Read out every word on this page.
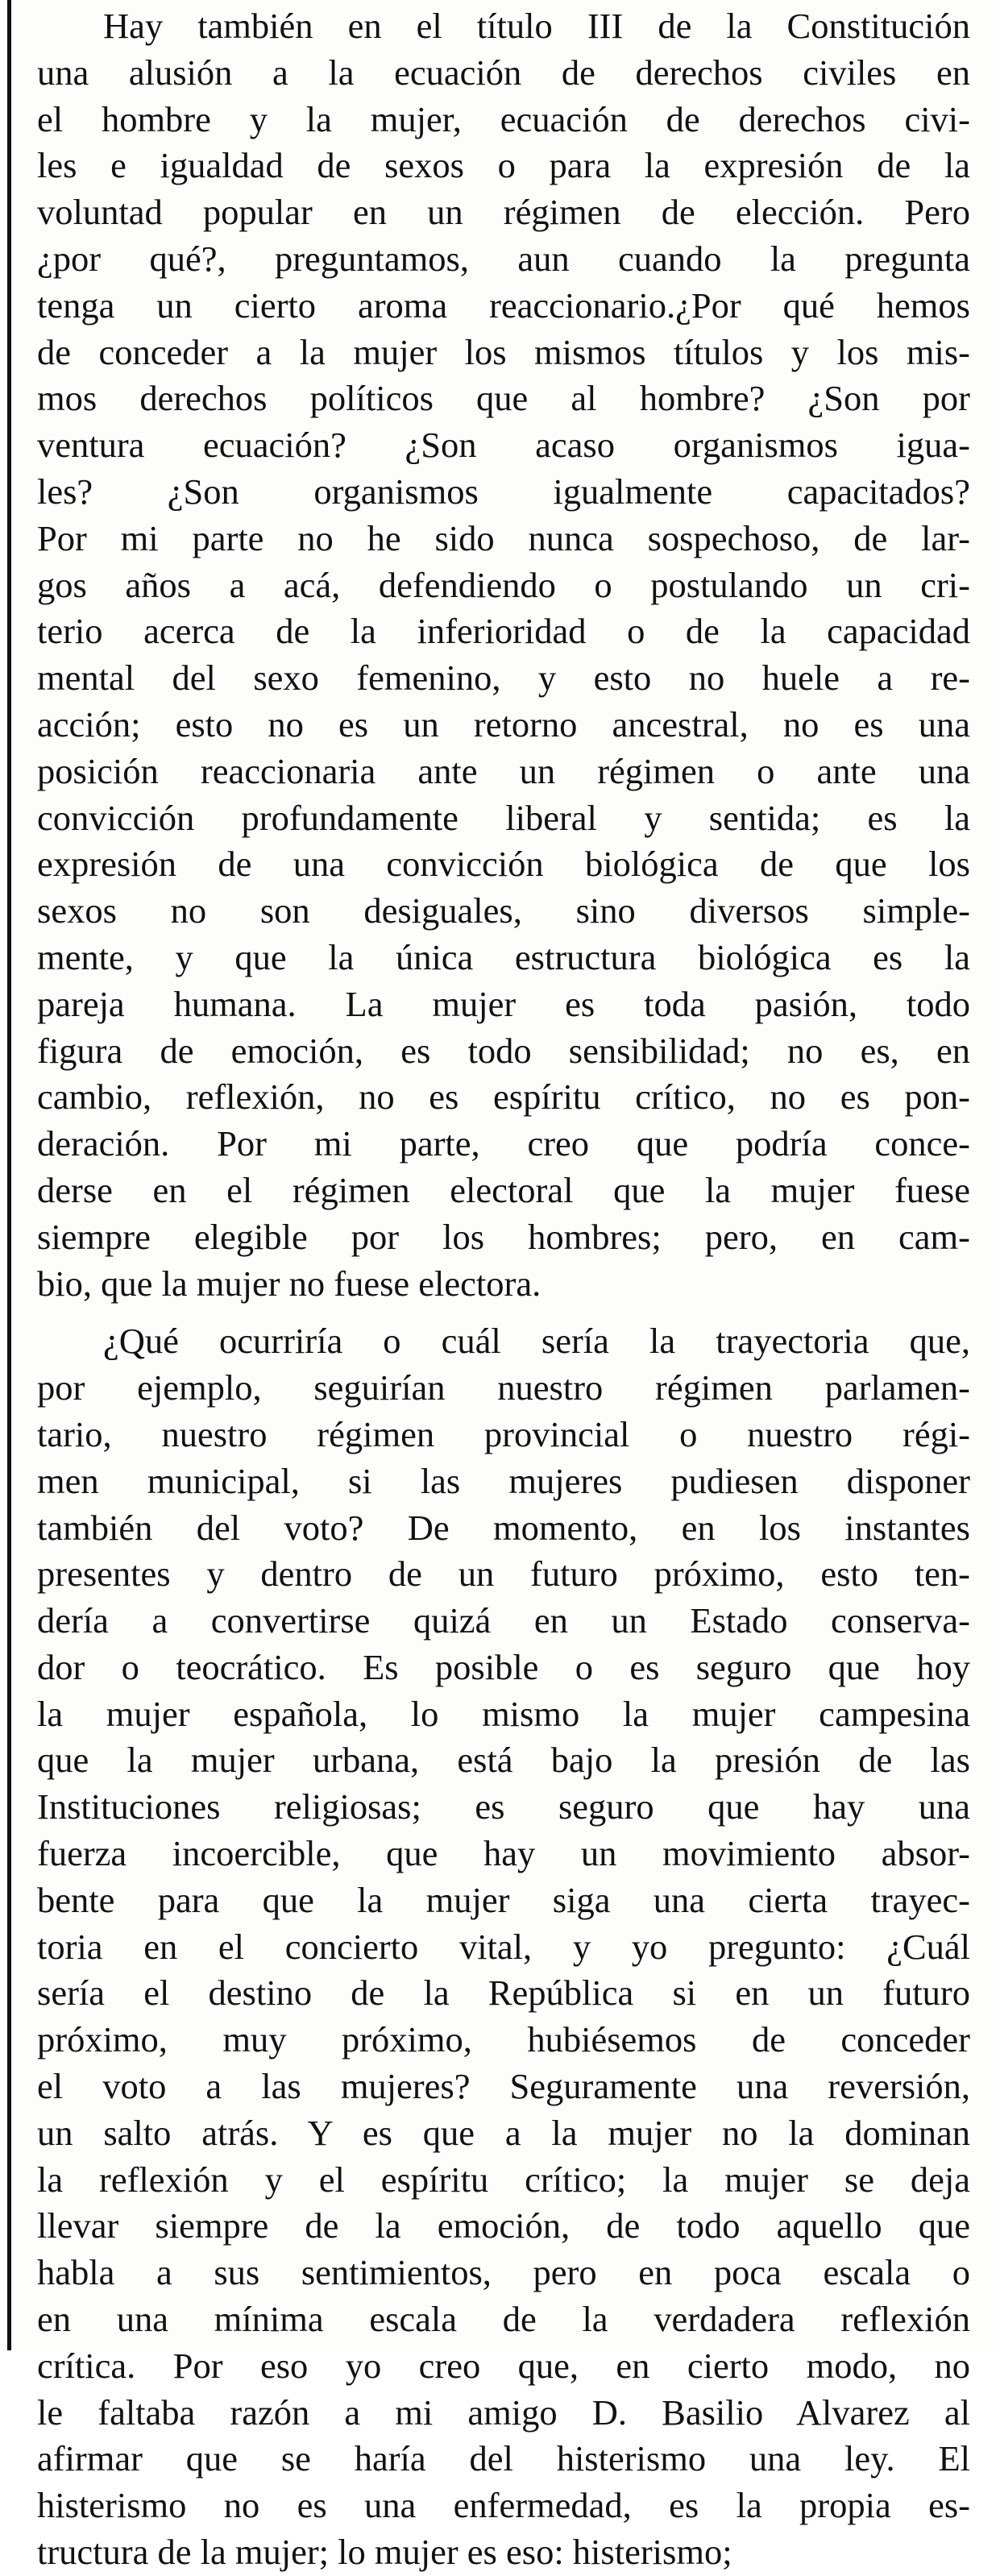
Hay también en el título III de la Constitución
una alusión a la ecuación de derechos civiles en
el hombre y la mujer, ecuación de derechos civi-
les e igualdad de sexos o para la expresión de la
voluntad popular en un régimen de elección. Pero
¿por qué?, preguntamos, aun cuando la pregunta
tenga un cierto aroma reaccionario.¿Por qué hemos
de conceder a la mujer los mismos títulos y los mis-
mos derechos políticos que al hombre? ¿Son por
ventura ecuación? ¿Son acaso organismos igua-
les? ¿Son organismos igualmente capacitados?
Por mi parte no he sido nunca sospechoso, de lar-
gos años a acá, defendiendo o postulando un cri-
terio acerca de la inferioridad o de la capacidad
mental del sexo femenino, y esto no huele a re-
acción; esto no es un retorno ancestral, no es una
posición reaccionaria ante un régimen o ante una
convicción profundamente liberal y sentida; es la
expresión de una convicción biológica de que los
sexos no son desiguales, sino diversos simple-
mente, y que la única estructura biológica es la
pareja humana. La mujer es toda pasión, todo
figura de emoción, es todo sensibilidad; no es, en
cambio, reflexión, no es espíritu crítico, no es pon-
deración. Por mi parte, creo que podría conce-
derse en el régimen electoral que la mujer fuese
siempre elegible por los hombres; pero, en cam-
bio, que la mujer no fuese electora.
¿Qué ocurriría o cuál sería la trayectoria que,
por ejemplo, seguirían nuestro régimen parlamen-
tario, nuestro régimen provincial o nuestro régi-
men municipal, si las mujeres pudiesen disponer
también del voto? De momento, en los instantes
presentes y dentro de un futuro próximo, esto ten-
dería a convertirse quizá en un Estado conserva-
dor o teocrático. Es posible o es seguro que hoy
la mujer española, lo mismo la mujer campesina
que la mujer urbana, está bajo la presión de las
Instituciones religiosas; es seguro que hay una
fuerza incoercible, que hay un movimiento absor-
bente para que la mujer siga una cierta trayec-
toria en el concierto vital, y yo pregunto: ¿Cuál
sería el destino de la República si en un futuro
próximo, muy próximo, hubiésemos de conceder
el voto a las mujeres? Seguramente una reversión,
un salto atrás. Y es que a la mujer no la dominan
la reflexión y el espíritu crítico; la mujer se deja
llevar siempre de la emoción, de todo aquello que
habla a sus sentimientos, pero en poca escala o
en una mínima escala de la verdadera reflexión
crítica. Por eso yo creo que, en cierto modo, no
le faltaba razón a mi amigo D. Basilio Alvarez al
afirmar que se haría del histerismo una ley. El
histerismo no es una enfermedad, es la propia es-
tructura de la mujer; lo mujer es eso: histerismo;
